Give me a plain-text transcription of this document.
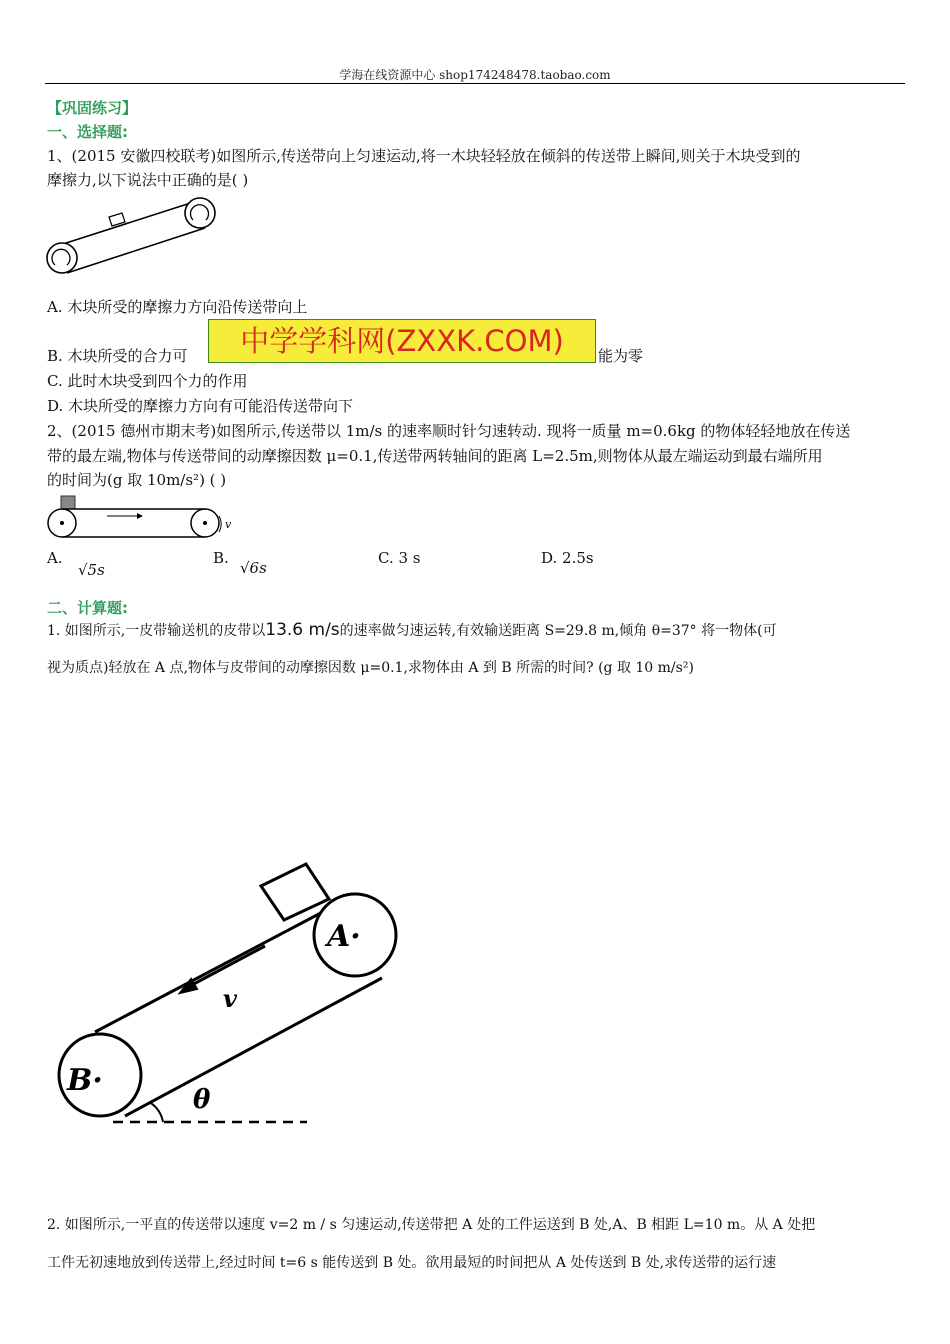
学海在线资源中心 shop174248478.taobao.com
【巩固练习】
一、选择题:
1、(2015 安徽四校联考)如图所示,传送带向上匀速运动,将一木块轻轻放在倾斜的传送带上瞬间,则关于木块受到的
摩擦力,以下说法中正确的是( )
A. 木块所受的摩擦力方向沿传送带向上
B. 木块所受的合力可	能为零
中学学科网(ZXXK.COM)
C. 此时木块受到四个力的作用
D. 木块所受的摩擦力方向有可能沿传送带向下
2、(2015 德州市期末考)如图所示,传送带以 1m/s 的速率顺时针匀速转动. 现将一质量 m=0.6kg 的物体轻轻地放在传送
带的最左端,物体与传送带间的动摩擦因数 μ=0.1,传送带两转轴间的距离 L=2.5m,则物体从最左端运动到最右端所用
的时间为(g 取 10m/s²) ( )
v
A.
√5s
B.
√6s
C. 3 s	D. 2.5s
二、计算题:
1. 如图所示,一皮带输送机的皮带以13.6 m/s的速率做匀速运转,有效输送距离 S=29.8 m,倾角 θ=37° 将一物体(可
视为质点)轻放在 A 点,物体与皮带间的动摩擦因数 μ=0.1,求物体由 A 到 B 所需的时间? (g 取 10 m/s²)
A·
B·
v
θ
2. 如图所示,一平直的传送带以速度 v=2 m / s 匀速运动,传送带把 A 处的工件运送到 B 处,A、B 相距 L=10 m。从 A 处把
工件无初速地放到传送带上,经过时间 t=6 s 能传送到 B 处。欲用最短的时间把从 A 处传送到 B 处,求传送带的运行速
